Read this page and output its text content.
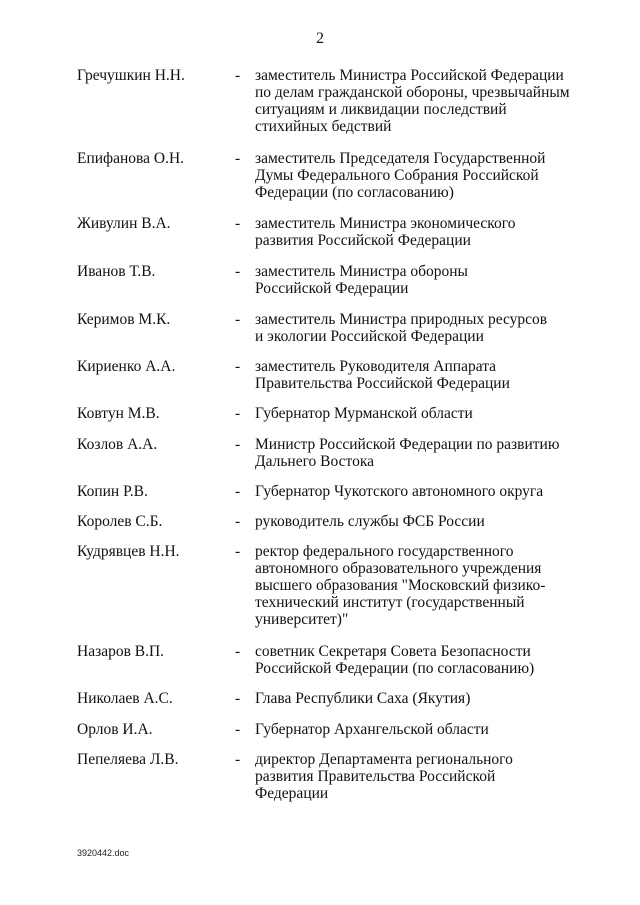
2
Гречушкин Н.Н.	- заместитель Министра Российской Федерации
по делам гражданской обороны, чрезвычайным
ситуациям и ликвидации последствий
стихийных бедствий
Епифанова О.Н.	- заместитель Председателя Государственной
Думы Федерального Собрания Российской
Федерации (по согласованию)
Живулин В.А.	- заместитель Министра экономического
развития Российской Федерации
Иванов Т.В.	- заместитель Министра обороны
Российской Федерации
Керимов М.К.	- заместитель Министра природных ресурсов
и экологии Российской Федерации
Кириенко А.А.	- заместитель Руководителя Аппарата
Правительства Российской Федерации
Ковтун М.В.	- Губернатор Мурманской области
Козлов А.А.	- Министр Российской Федерации по развитию
Дальнего Востока
Копин Р.В.	- Губернатор Чукотского автономного округа
Королев С.Б.	- руководитель службы ФСБ России
Кудрявцев Н.Н.	- ректор федерального государственного
автономного образовательного учреждения
высшего образования "Московский физико-
технический институт (государственный
университет)"
Назаров В.П.	- советник Секретаря Совета Безопасности
Российской Федерации (по согласованию)
Николаев А.С.	- Глава Республики Саха (Якутия)
Орлов И.А.	- Губернатор Архангельской области
Пепеляева Л.В.	- директор Департамента регионального
развития Правительства Российской
Федерации
3920442.doc
